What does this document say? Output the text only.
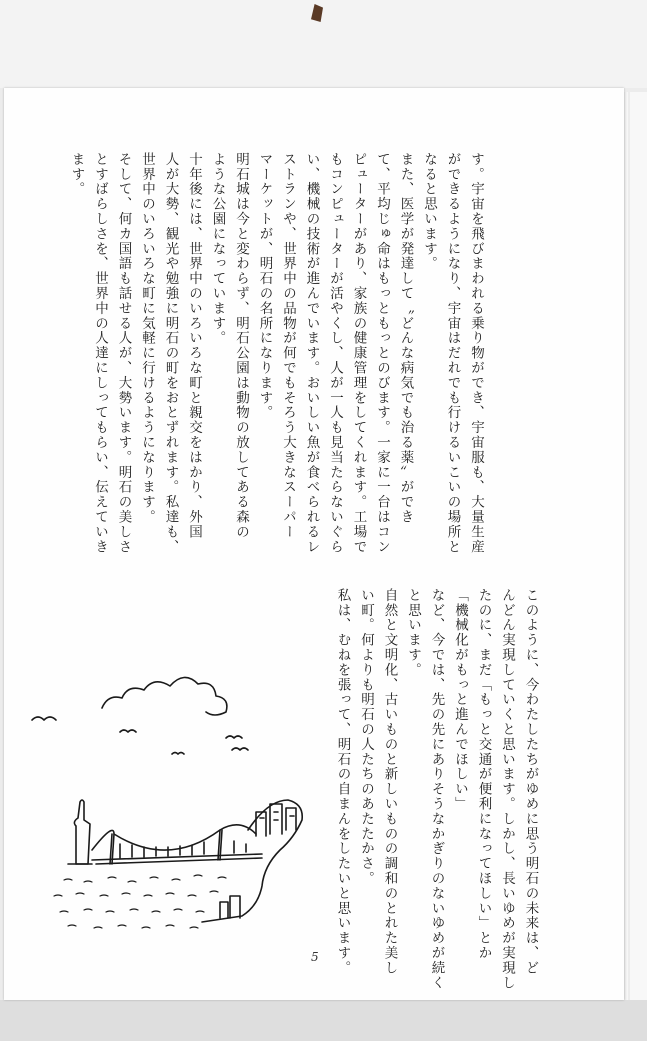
す。宇宙を飛びまわれる乗り物ができ、宇宙服も、大量生産
ができるようになり、宇宙はだれでも行けるいこいの場所と
なると思います。
また、医学が発達して〝どんな病気でも治る薬〟ができ
て、平均じゅ命はもっともっとのびます。一家に一台はコン
ピューターがあり、家族の健康管理をしてくれます。工場で
もコンピューターが活やくし、人が一人も見当たらないぐら
い、機械の技術が進んでいます。おいしい魚が食べられるレ
ストランや、世界中の品物が何でもそろう大きなスーパー
マーケットが、明石の名所になります。
明石城は今と変わらず、明石公園は動物の放してある森の
ような公園になっています。
十年後には、世界中のいろいろな町と親交をはかり、外国
人が大勢、観光や勉強に明石の町をおとずれます。私達も、
世界中のいろいろな町に気軽に行けるようになります。
そして、何カ国語も話せる人が、大勢います。明石の美しさ
とすばらしさを、世界中の人達にしってもらい、伝えていき
ます。
このように、今わたしたちがゆめに思う明石の未来は、ど
んどん実現していくと思います。しかし、長いゆめが実現し
たのに、まだ「もっと交通が便利になってほしい」とか
「機械化がもっと進んでほしい」
など、今では、先の先にありそうなかぎりのないゆめが続く
と思います。
自然と文明化、古いものと新しいものの調和のとれた美し
い町。何よりも明石の人たちのあたたかさ。
私は、むねを張って、明石の自まんをしたいと思います。
5
